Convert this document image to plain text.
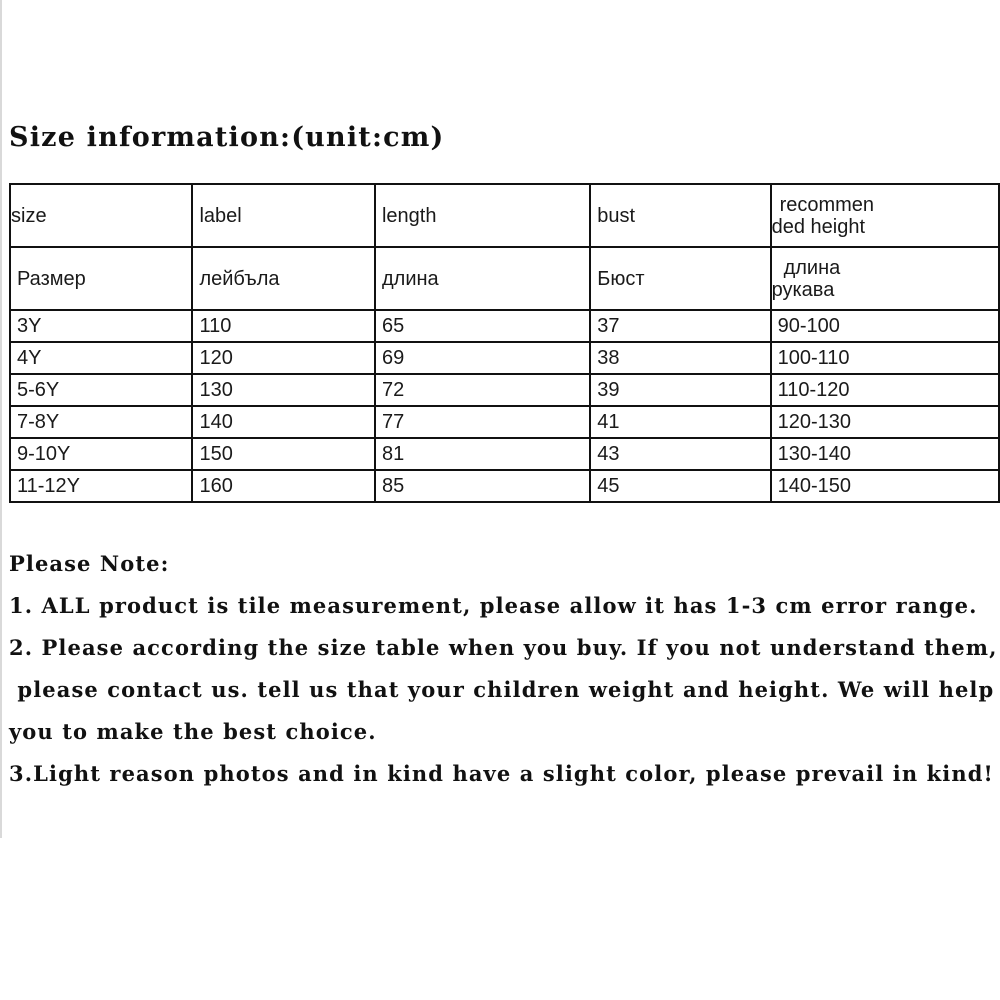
Size information:(unit:cm)
size	label	length	bust	recommen
ded height

Размер	лейбъла	длина	Бюст	длина
рукава

3Y	110	65	37	90-100
4Y	120	69	38	100-110
5-6Y	130	72	39	110-120
7-8Y	140	77	41	120-130
9-10Y	150	81	43	130-140
11-12Y	160	85	45	140-150
Please Note:
1. ALL product is tile measurement, please allow it has 1-3 cm error range.
2. Please according the size table when you buy. If you not understand them,
please contact us. tell us that your children weight and height. We will help
you to make the best choice.
3.Light reason photos and in kind have a slight color, please prevail in kind!
